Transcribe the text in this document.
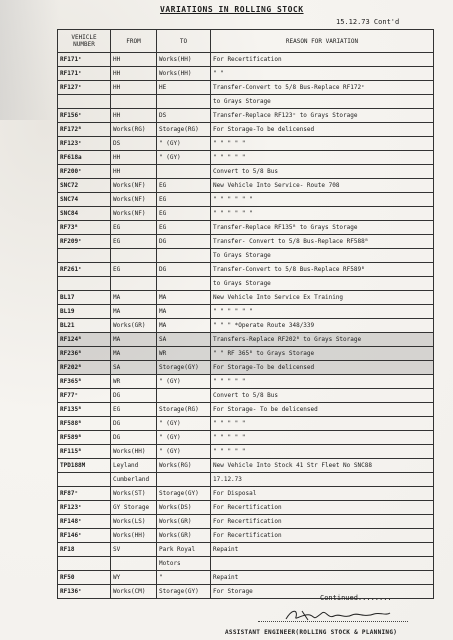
VARIATIONS IN ROLLING STOCK
15.12.73 Cont'd
VEHICLE NUMBER	FROM	TO	REASON FOR VARIATION
RF171ᶜ	HH	Works(HH)	For Recertification
RF171ᶜ	HH	Works(HH)	" "
RF127ᶜ	HH	HE	Transfer-Convert to 5/8 Bus-Replace RF172ᶜ
			to Grays Storage
RF156ᶜ	HH	DS	Transfer-Replace RF123ᶜ to Grays Storage
RF172ᴮ	Works(RG)	Storage(RG)	For Storage-To be delicensed
RF123ᶜ	DS	" (GY)	" " " " "
RF618a	HH	" (GY)	" " " " "
RF200ᶜ	HH		Convert to 5/8 Bus
SNC72	Works(NF)	EG	New Vehicle Into Service- Route 708
SNC74	Works(NF)	EG	" " " " " "
SNC84	Works(NF)	EG	" " " " " "
RF73ᴮ	EG	EG	Transfer-Replace RF135ᴮ to Grays Storage
RF209ᶜ	EG	DG	Transfer- Convert to 5/8 Bus-Replace RF588ᴮ
			To Grays Storage
RF261ᶜ	EG	DG	Transfer-Convert to 5/8 Bus-Replace RF589ᴮ
			to Grays Storage
BL17	MA	MA	New Vehicle Into Service Ex Training
BL19	MA	MA	" " " " " "
BL21	Works(GR)	MA	" " " *Operate Route 348/339
RF124ᴮ	MA	SA	Transfers-Replace RF202ᴮ to Grays Storage
RF236ᴮ	MA	WR	" " RF 365ᴮ to Grays Storage
RF202ᴮ	SA	Storage(GY)	For Storage-To be delicensed
RF365ᴮ	WR	" (GY)	" " " " "
RF77ᶜ	DG		Convert to 5/8 Bus
RF135ᴮ	EG	Storage(RG)	For Storage- To be delicensed
RF588ᴮ	DG	" (GY)	" " " " "
RF589ᴮ	DG	" (GY)	" " " " "
RF115ᴮ	Works(HH)	" (GY)	" " " " "
TPD188M	Leyland	Works(RG)	New Vehicle Into Stock 41 Str Fleet No SNC88
	Cumberland		17.12.73
RF87ᶜ	Works(ST)	Storage(GY)	For Disposal
RF123ᶜ	GY Storage	Works(DS)	For Recertification
RF148ᶜ	Works(LS)	Works(GR)	For Recertification
RF146ᶜ	Works(HH)	Works(GR)	For Recertification
RF18	SV	Park Royal	Repaint
		Motors	
RF50	WY	"	Repaint
RF136ᶜ	Works(CM)	Storage(GY)	For Storage
Continued........
ASSISTANT ENGINEER(ROLLING STOCK & PLANNING)
